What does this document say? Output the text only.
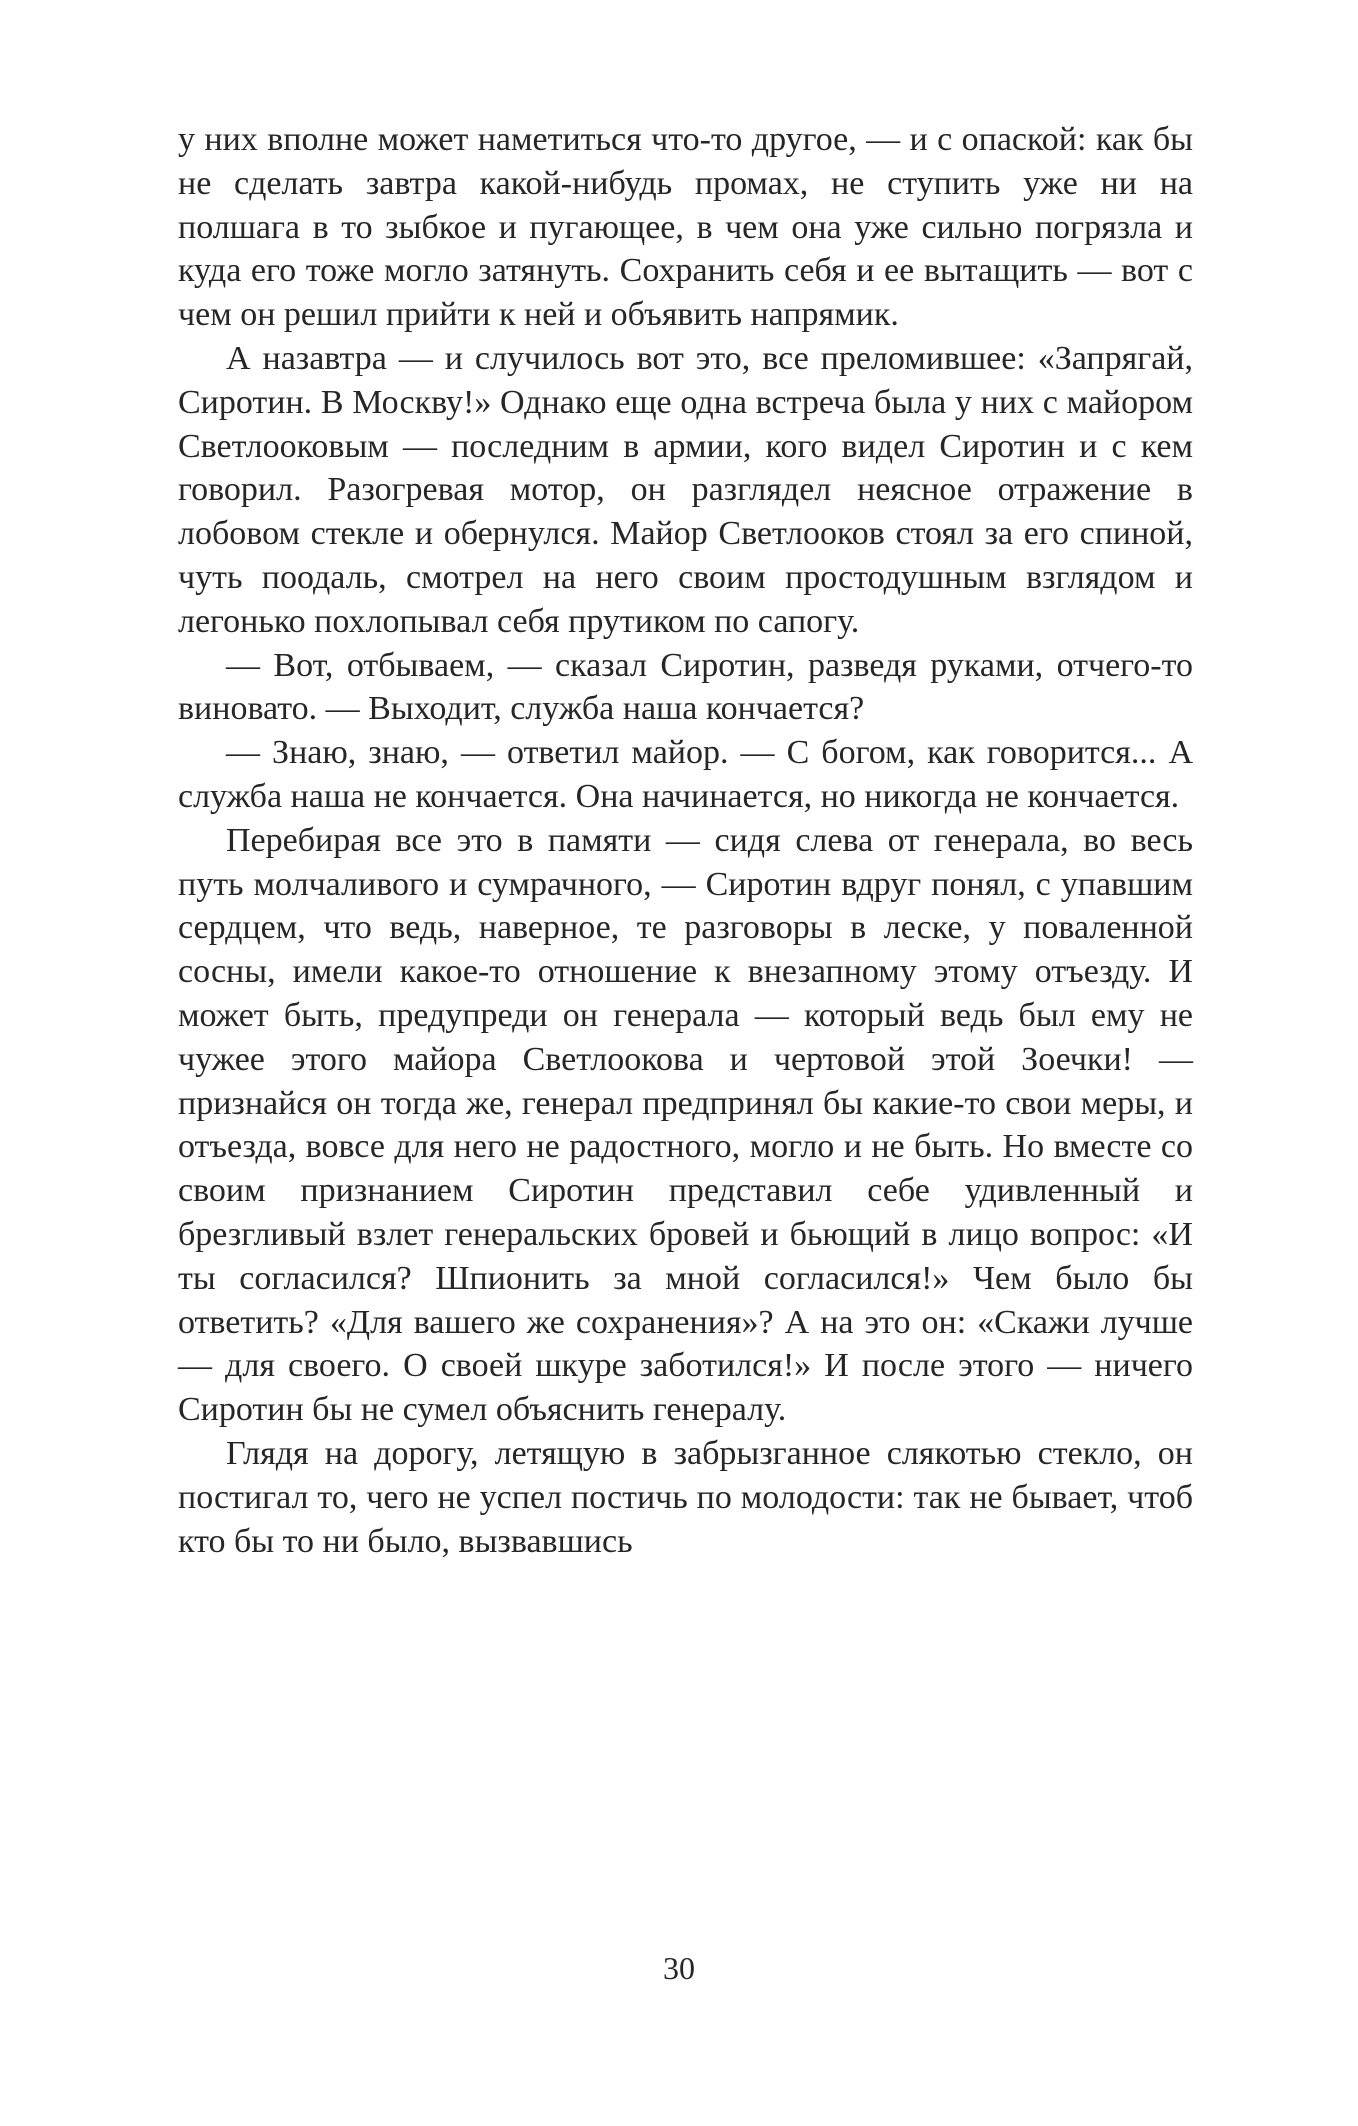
у них вполне может наметиться что-то другое, — и с опаской: как бы не сделать завтра какой-нибудь промах, не ступить уже ни на полшага в то зыбкое и пугающее, в чем она уже сильно погрязла и куда его тоже могло затянуть. Сохранить себя и ее вытащить — вот с чем он решил прийти к ней и объявить напрямик.

А назавтра — и случилось вот это, все преломившее: «Запрягай, Сиротин. В Москву!» Однако еще одна встреча была у них с майором Светлооковым — последним в армии, кого видел Сиротин и с кем говорил. Разогревая мотор, он разглядел неясное отражение в лобовом стекле и обернулся. Майор Светлооков стоял за его спиной, чуть поодаль, смотрел на него своим простодушным взглядом и легонько похлопывал себя прутиком по сапогу.

— Вот, отбываем, — сказал Сиротин, разведя руками, отчего-то виновато. — Выходит, служба наша кончается?

— Знаю, знаю, — ответил майор. — С богом, как говорится... А служба наша не кончается. Она начинается, но никогда не кончается.

Перебирая все это в памяти — сидя слева от генерала, во весь путь молчаливого и сумрачного, — Сиротин вдруг понял, с упавшим сердцем, что ведь, наверное, те разговоры в леске, у поваленной сосны, имели какое-то отношение к внезапному этому отъезду. И может быть, предупреди он генерала — который ведь был ему не чужее этого майора Светлоокова и чертовой этой Зоечки! — признайся он тогда же, генерал предпринял бы какие-то свои меры, и отъезда, вовсе для него не радостного, могло и не быть. Но вместе со своим признанием Сиротин представил себе удивленный и брезгливый взлет генеральских бровей и бьющий в лицо вопрос: «И ты согласился? Шпионить за мной согласился!» Чем было бы ответить? «Для вашего же сохранения»? А на это он: «Скажи лучше — для своего. О своей шкуре заботился!» И после этого — ничего Сиротин бы не сумел объяснить генералу.

Глядя на дорогу, летящую в забрызганное слякотью стекло, он постигал то, чего не успел постичь по молодости: так не бывает, чтоб кто бы то ни было, вызвавшись

30
